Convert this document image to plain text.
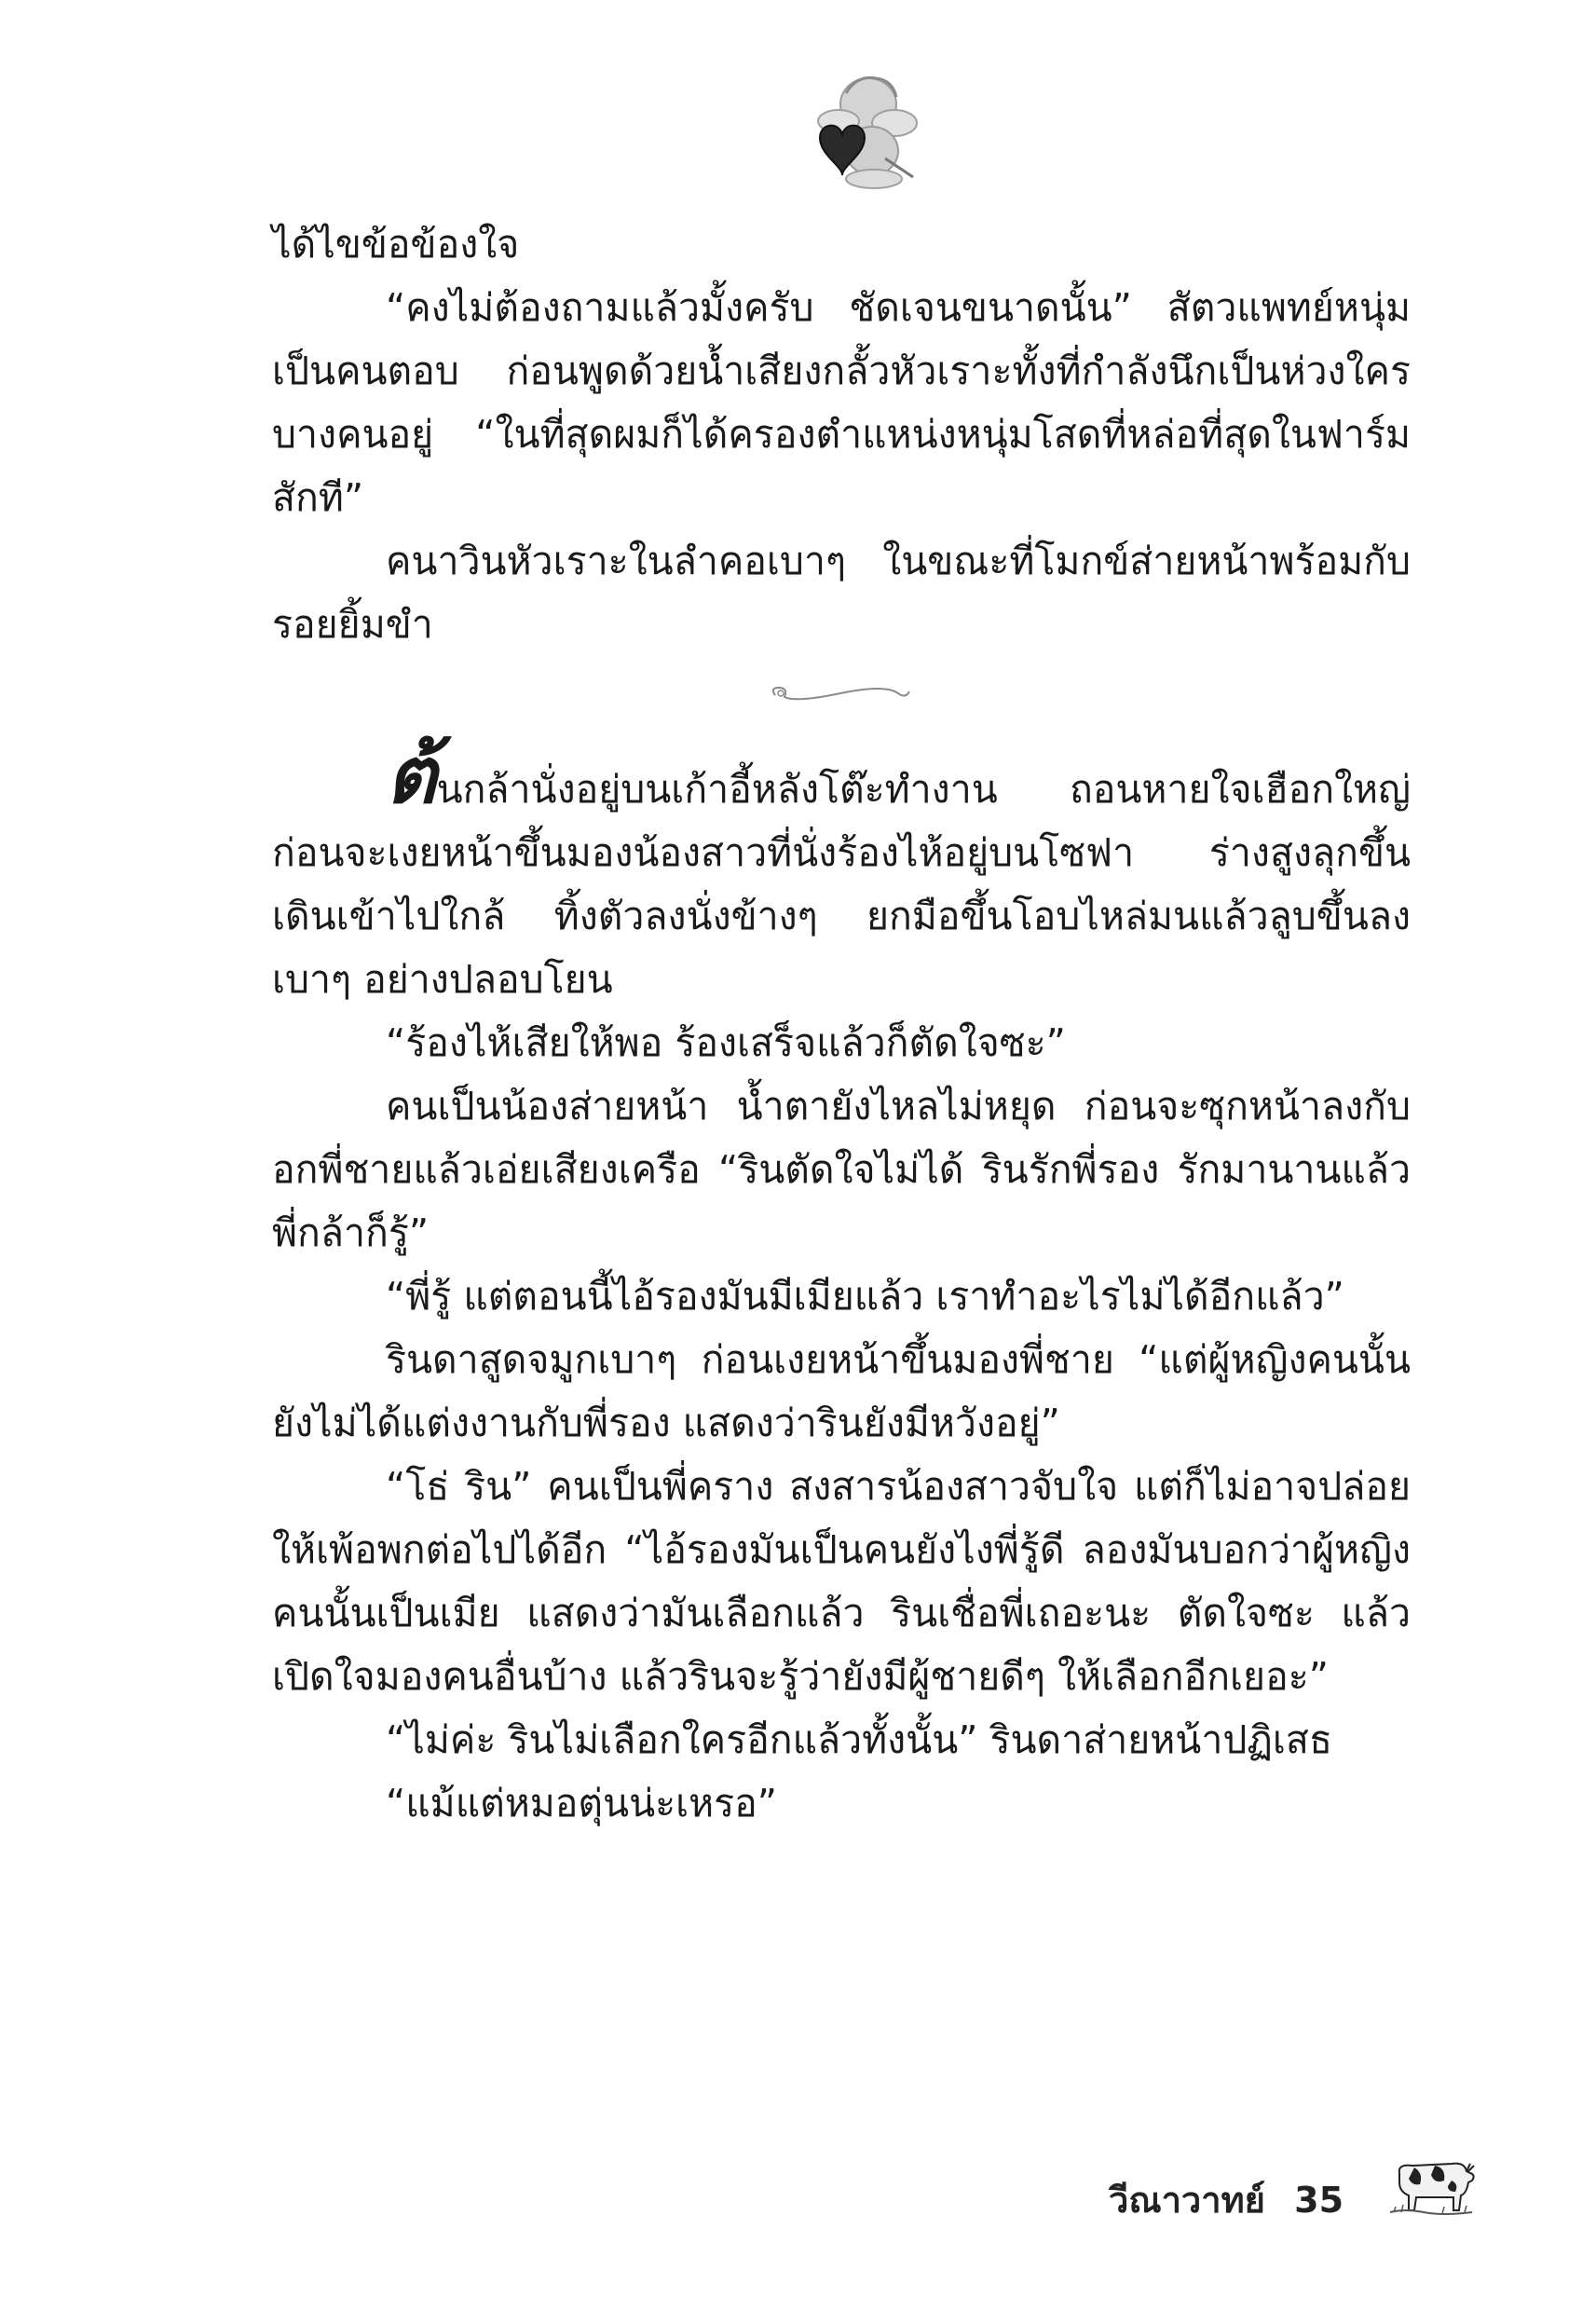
ได้ไขข้อข้องใจ

“คงไม่ต้องถามแล้วมั้งครับ ชัดเจนขนาดนั้น” สัตวแพทย์หนุ่มเป็นคนตอบ ก่อนพูดด้วยน้ำเสียงกลั้วหัวเราะทั้งที่กำลังนึกเป็นห่วงใครบางคนอยู่ “ในที่สุดผมก็ได้ครองตำแหน่งหนุ่มโสดที่หล่อที่สุดในฟาร์มสักที”

คนาวินหัวเราะในลำคอเบาๆ ในขณะที่โมกข์ส่ายหน้าพร้อมกับรอยยิ้มขำ

ต้นกล้านั่งอยู่บนเก้าอี้หลังโต๊ะทำงาน ถอนหายใจเฮือกใหญ่ก่อนจะเงยหน้าขึ้นมองน้องสาวที่นั่งร้องไห้อยู่บนโซฟา ร่างสูงลุกขึ้นเดินเข้าไปใกล้ ทิ้งตัวลงนั่งข้างๆ ยกมือขึ้นโอบไหล่มนแล้วลูบขึ้นลงเบาๆ อย่างปลอบโยน

“ร้องไห้เสียให้พอ ร้องเสร็จแล้วก็ตัดใจซะ”

คนเป็นน้องส่ายหน้า น้ำตายังไหลไม่หยุด ก่อนจะซุกหน้าลงกับอกพี่ชายแล้วเอ่ยเสียงเครือ “รินตัดใจไม่ได้ รินรักพี่รอง รักมานานแล้ว พี่กล้าก็รู้”

“พี่รู้ แต่ตอนนี้ไอ้รองมันมีเมียแล้ว เราทำอะไรไม่ได้อีกแล้ว”

รินดาสูดจมูกเบาๆ ก่อนเงยหน้าขึ้นมองพี่ชาย “แต่ผู้หญิงคนนั้นยังไม่ได้แต่งงานกับพี่รอง แสดงว่ารินยังมีหวังอยู่”

“โธ่ ริน” คนเป็นพี่คราง สงสารน้องสาวจับใจ แต่ก็ไม่อาจปล่อยให้เพ้อพกต่อไปได้อีก “ไอ้รองมันเป็นคนยังไงพี่รู้ดี ลองมันบอกว่าผู้หญิงคนนั้นเป็นเมีย แสดงว่ามันเลือกแล้ว รินเชื่อพี่เถอะนะ ตัดใจซะ แล้วเปิดใจมองคนอื่นบ้าง แล้วรินจะรู้ว่ายังมีผู้ชายดีๆ ให้เลือกอีกเยอะ”

“ไม่ค่ะ รินไม่เลือกใครอีกแล้วทั้งนั้น” รินดาส่ายหน้าปฏิเสธ

“แม้แต่หมอตุ่นน่ะเหรอ”

วีณาวาทย์ 35
